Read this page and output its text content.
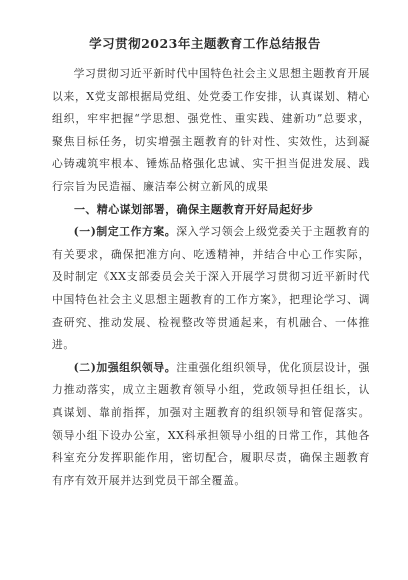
学习贯彻2023年主题教育工作总结报告

学习贯彻习近平新时代中国特色社会主义思想主题教育开展以来，X党支部根据局党组、处党委工作安排，认真谋划、精心组织，牢牢把握“学思想、强党性、重实践、建新功”总要求，聚焦目标任务，切实增强主题教育的针对性、实效性，达到凝心铸魂筑牢根本、锤炼品格强化忠诚、实干担当促进发展、践行宗旨为民造福、廉洁奉公树立新风的成果

一、精心谋划部署，确保主题教育开好局起好步

(一)制定工作方案。深入学习领会上级党委关于主题教育的有关要求，确保把准方向、吃透精神，并结合中心工作实际，及时制定《XX支部委员会关于深入开展学习贯彻习近平新时代中国特色社会主义思想主题教育的工作方案》，把理论学习、调查研究、推动发展、检视整改等贯通起来，有机融合、一体推进。

(二)加强组织领导。注重强化组织领导，优化顶层设计，强力推动落实，成立主题教育领导小组，党政领导担任组长，认真谋划、靠前指挥，加强对主题教育的组织领导和管促落实。领导小组下设办公室，XX科承担领导小组的日常工作，其他各科室充分发挥职能作用，密切配合，履职尽责，确保主题教育有序有效开展并达到党员干部全覆盖。
